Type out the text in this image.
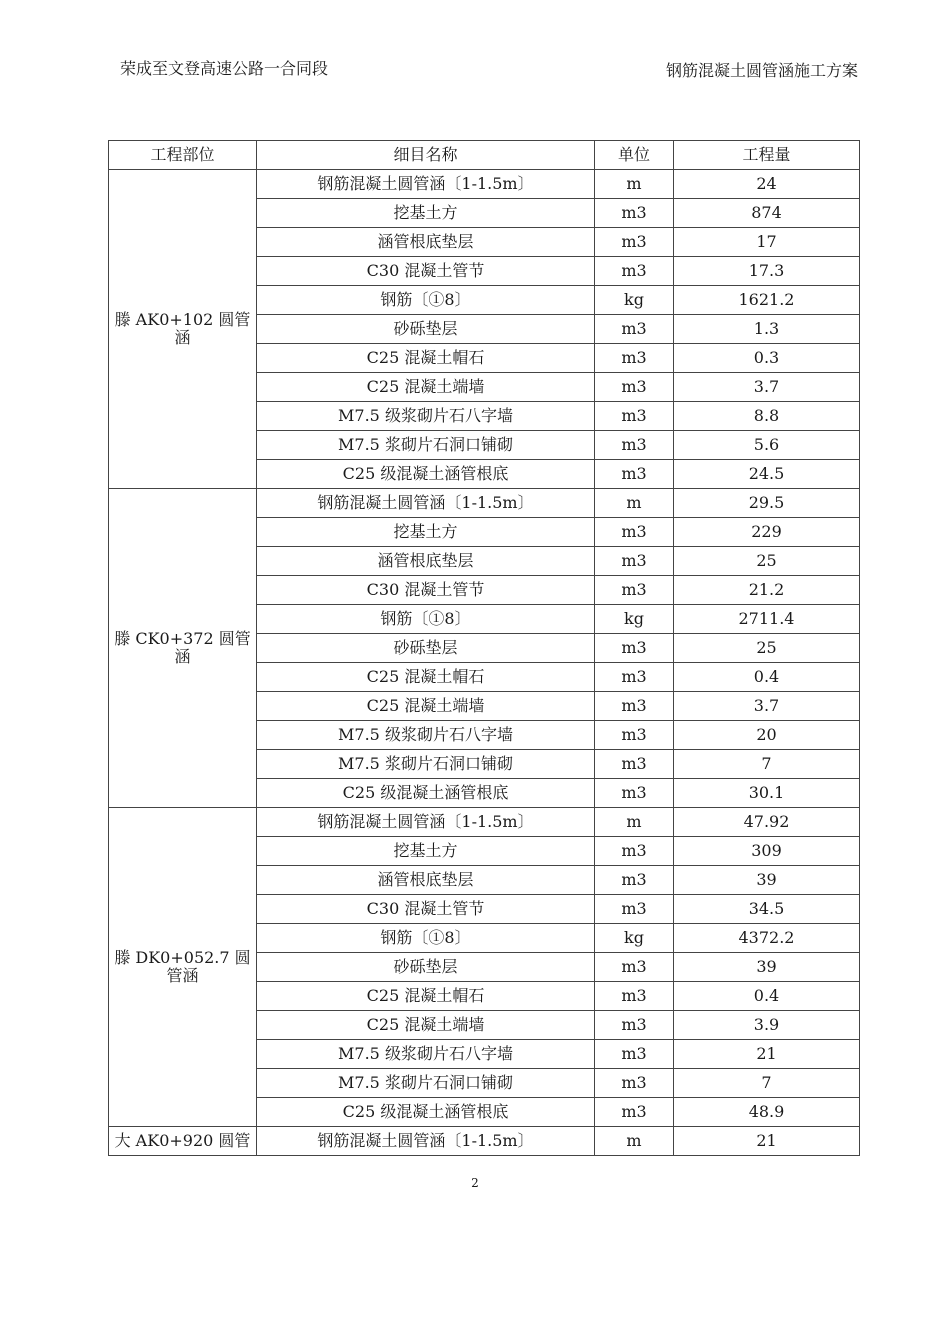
荣成至文登高速公路一合同段	钢筋混凝土圆管涵施工方案
工程部位	细目名称	单位	工程量
滕 AK0+102 圆管涵	钢筋混凝土圆管涵〔1-1.5m〕	m	24
	挖基土方	m3	874
	涵管根底垫层	m3	17
	C30 混凝土管节	m3	17.3
	钢筋〔①8〕	kg	1621.2
	砂砾垫层	m3	1.3
	C25 混凝土帽石	m3	0.3
	C25 混凝土端墙	m3	3.7
	M7.5 级浆砌片石八字墙	m3	8.8
	M7.5 浆砌片石洞口铺砌	m3	5.6
	C25 级混凝土涵管根底	m3	24.5
滕 CK0+372 圆管涵	钢筋混凝土圆管涵〔1-1.5m〕	m	29.5
	挖基土方	m3	229
	涵管根底垫层	m3	25
	C30 混凝土管节	m3	21.2
	钢筋〔①8〕	kg	2711.4
	砂砾垫层	m3	25
	C25 混凝土帽石	m3	0.4
	C25 混凝土端墙	m3	3.7
	M7.5 级浆砌片石八字墙	m3	20
	M7.5 浆砌片石洞口铺砌	m3	7
	C25 级混凝土涵管根底	m3	30.1
滕 DK0+052.7 圆管涵	钢筋混凝土圆管涵〔1-1.5m〕	m	47.92
	挖基土方	m3	309
	涵管根底垫层	m3	39
	C30 混凝土管节	m3	34.5
	钢筋〔①8〕	kg	4372.2
	砂砾垫层	m3	39
	C25 混凝土帽石	m3	0.4
	C25 混凝土端墙	m3	3.9
	M7.5 级浆砌片石八字墙	m3	21
	M7.5 浆砌片石洞口铺砌	m3	7
	C25 级混凝土涵管根底	m3	48.9
大 AK0+920 圆管	钢筋混凝土圆管涵〔1-1.5m〕	m	21
2
